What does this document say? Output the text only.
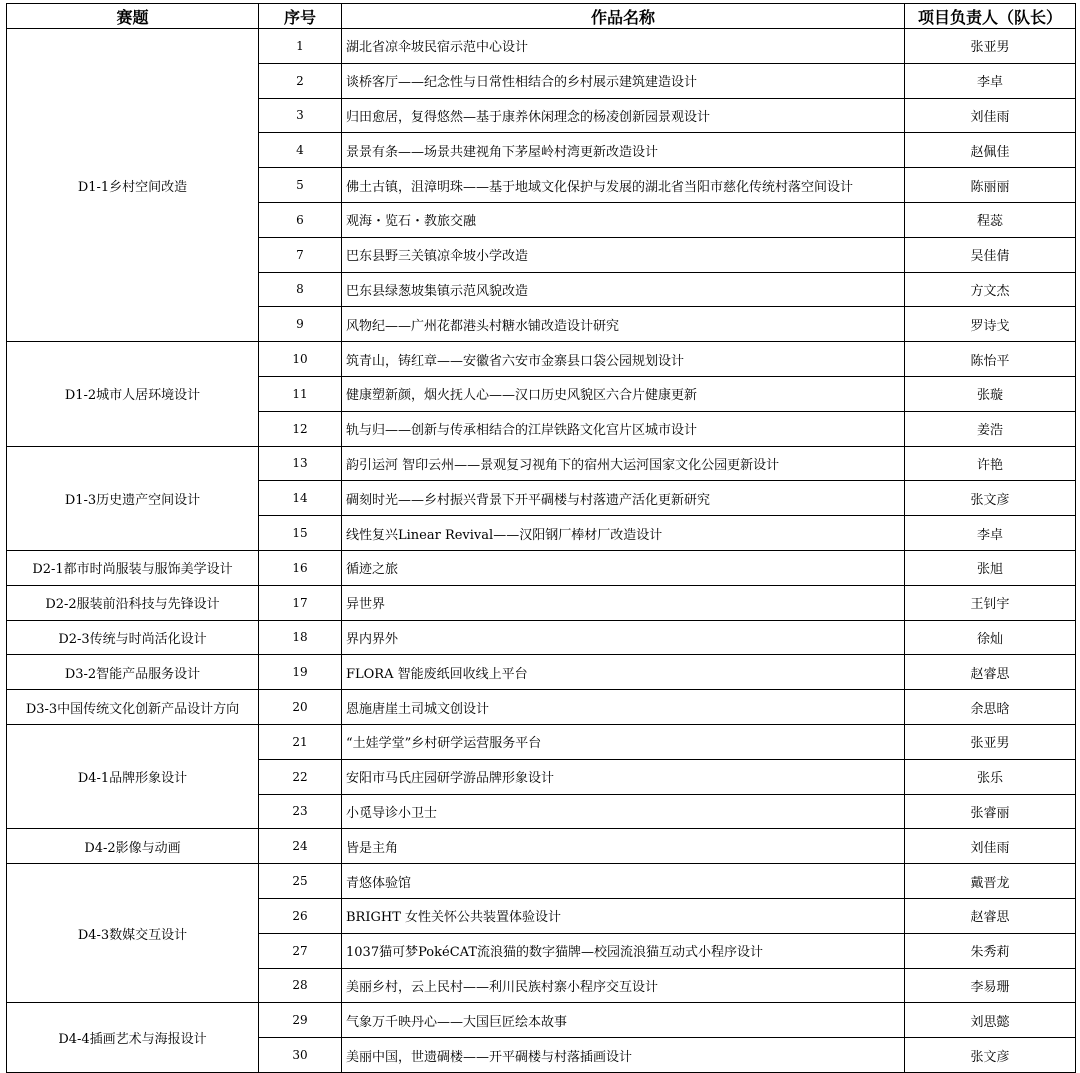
赛题	序号	作品名称	项目负责人（队长）
D1-1乡村空间改造	1	湖北省凉伞坡民宿示范中心设计	张亚男
	2	谈桥客厅——纪念性与日常性相结合的乡村展示建筑建造设计	李卓
	3	归田愈居，复得悠然—基于康养休闲理念的杨凌创新园景观设计	刘佳雨
	4	景景有条——场景共建视角下茅屋岭村湾更新改造设计	赵佩佳
	5	佛土古镇，沮漳明珠——基于地域文化保护与发展的湖北省当阳市慈化传统村落空间设计	陈丽丽
	6	观海・览石・教旅交融	程蕊
	7	巴东县野三关镇凉伞坡小学改造	吴佳倩
	8	巴东县绿葱坡集镇示范风貌改造	方文杰
	9	风物纪——广州花都港头村糖水铺改造设计研究	罗诗戈
D1-2城市人居环境设计	10	筑青山，铸红章——安徽省六安市金寨县口袋公园规划设计	陈怡平
	11	健康塑新颜，烟火抚人心——汉口历史风貌区六合片健康更新	张璇
	12	轨与归——创新与传承相结合的江岸铁路文化宫片区城市设计	姜浩
D1-3历史遗产空间设计	13	韵引运河 智印云州——景观复习视角下的宿州大运河国家文化公园更新设计	许艳
	14	碉刻时光——乡村振兴背景下开平碉楼与村落遗产活化更新研究	张文彦
	15	线性复兴Linear Revival——汉阳钢厂棒材厂改造设计	李卓
D2-1都市时尚服装与服饰美学设计	16	循迹之旅	张旭
D2-2服装前沿科技与先锋设计	17	异世界	王钊宇
D2-3传统与时尚活化设计	18	界内界外	徐灿
D3-2智能产品服务设计	19	FLORA 智能废纸回收线上平台	赵睿思
D3-3中国传统文化创新产品设计方向	20	恩施唐崖土司城文创设计	余思晗
D4-1品牌形象设计	21	“土娃学堂”乡村研学运营服务平台	张亚男
	22	安阳市马氏庄园研学游品牌形象设计	张乐
	23	小觅导诊小卫士	张睿丽
D4-2影像与动画	24	皆是主角	刘佳雨
D4-3数媒交互设计	25	青悠体验馆	戴晋龙
	26	BRIGHT 女性关怀公共装置体验设计	赵睿思
	27	1037猫可梦PokéCAT流浪猫的数字猫牌—校园流浪猫互动式小程序设计	朱秀莉
	28	美丽乡村，云上民村——利川民族村寨小程序交互设计	李易珊
D4-4插画艺术与海报设计	29	气象万千映丹心——大国巨匠绘本故事	刘思懿
	30	美丽中国，世遗碉楼——开平碉楼与村落插画设计	张文彦
